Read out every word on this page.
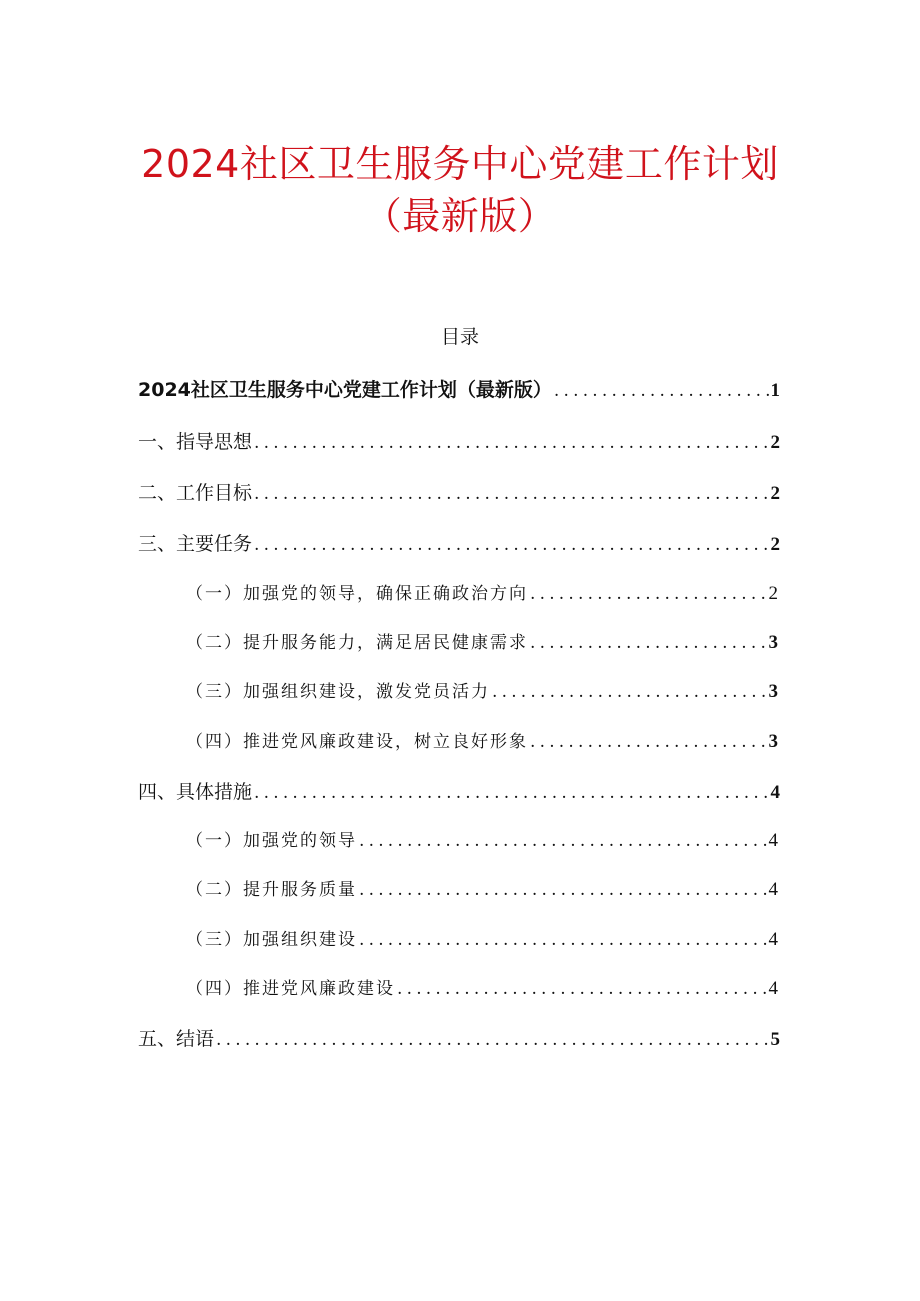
2024社区卫生服务中心党建工作计划
（最新版）
目录
2024社区卫生服务中心党建工作计划（最新版） .....	1
一、指导思想 .....	2
二、工作目标 .....	2
三、主要任务 .....	2
（一）加强党的领导，确保正确政治方向 .....	2
（二）提升服务能力，满足居民健康需求 .....	3
（三）加强组织建设，激发党员活力 .....	3
（四）推进党风廉政建设，树立良好形象 .....	3
四、具体措施 .....	4
（一）加强党的领导 .....	4
（二）提升服务质量 .....	4
（三）加强组织建设 .....	4
（四）推进党风廉政建设 .....	4
五、结语 .....	5
